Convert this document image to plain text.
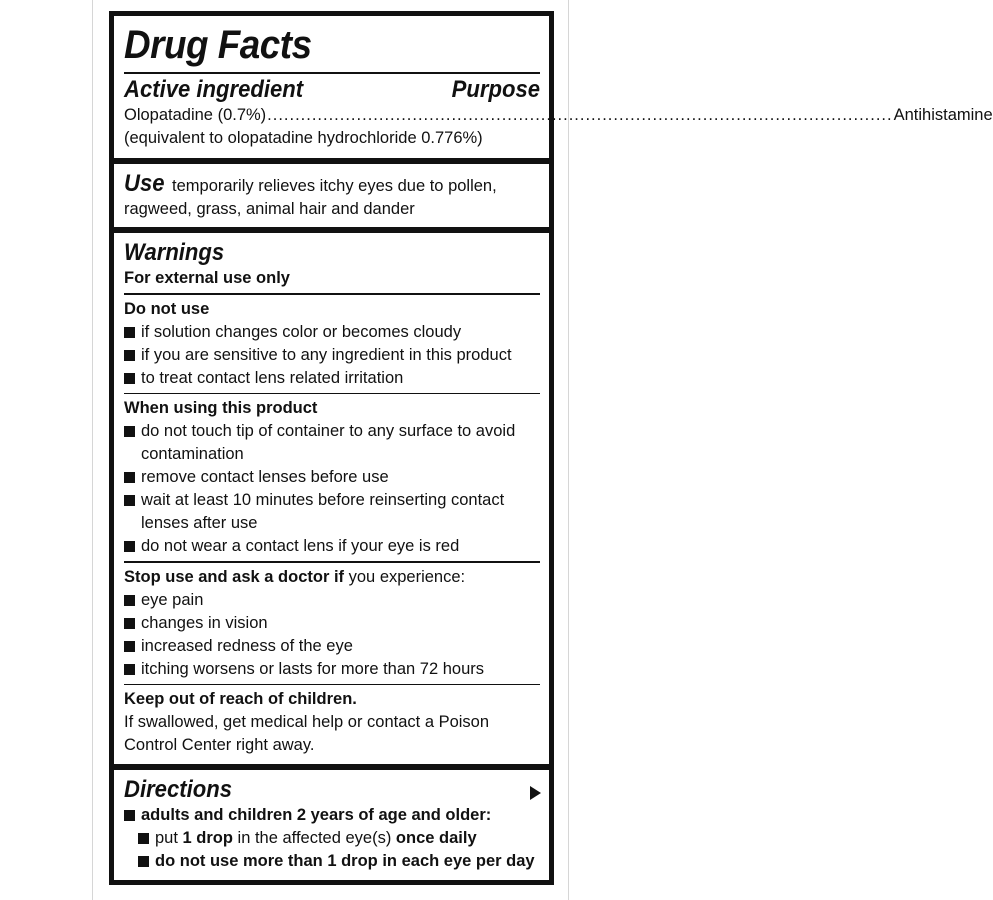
Drug Facts
Active ingredient	Purpose
Olopatadine (0.7%) ................................................................................................................ Antihistamine
(equivalent to olopatadine hydrochloride 0.776%)
Use temporarily relieves itchy eyes due to pollen,
ragweed, grass, animal hair and dander
Warnings
For external use only
Do not use
if solution changes color or becomes cloudy
if you are sensitive to any ingredient in this product
to treat contact lens related irritation
When using this product
do not touch tip of container to any surface to avoid
contamination
remove contact lenses before use
wait at least 10 minutes before reinserting contact
lenses after use
do not wear a contact lens if your eye is red
Stop use and ask a doctor if you experience:
eye pain
changes in vision
increased redness of the eye
itching worsens or lasts for more than 72 hours
Keep out of reach of children.
If swallowed, get medical help or contact a Poison
Control Center right away.
Directions
adults and children 2 years of age and older:
put 1 drop in the affected eye(s) once daily
do not use more than 1 drop in each eye per day
